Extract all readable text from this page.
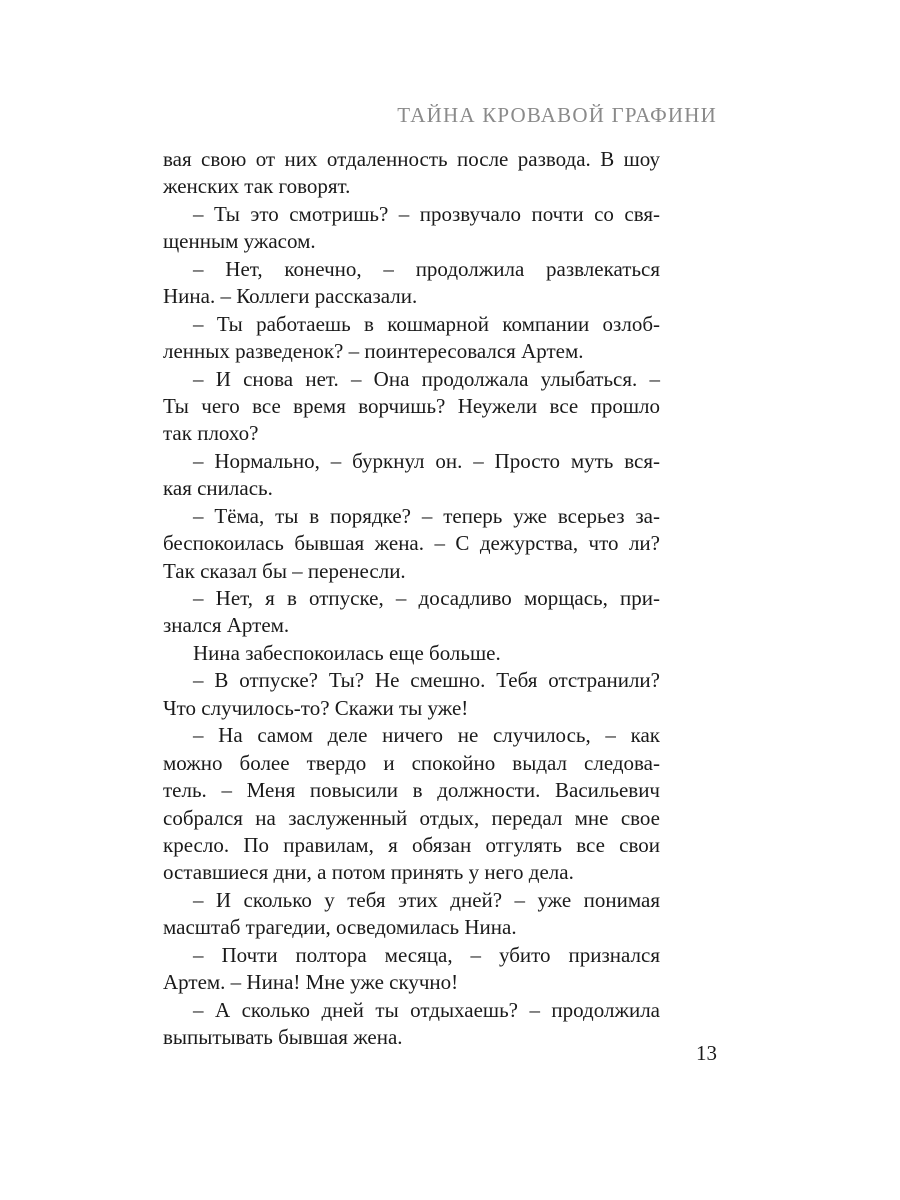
ТАЙНА КРОВАВОЙ ГРАФИНИ
вая свою от них отдаленность после развода. В шоу
женских так говорят.
– Ты это смотришь? – прозвучало почти со свя-
щенным ужасом.
– Нет, конечно, – продолжила развлекаться
Нина. – Коллеги рассказали.
– Ты работаешь в кошмарной компании озлоб-
ленных разведенок? – поинтересовался Артем.
– И снова нет. – Она продолжала улыбаться. –
Ты чего все время ворчишь? Неужели все прошло
так плохо?
– Нормально, – буркнул он. – Просто муть вся-
кая снилась.
– Тёма, ты в порядке? – теперь уже всерьез за-
беспокоилась бывшая жена. – С дежурства, что ли?
Так сказал бы – перенесли.
– Нет, я в отпуске, – досадливо морщась, при-
знался Артем.
Нина забеспокоилась еще больше.
– В отпуске? Ты? Не смешно. Тебя отстранили?
Что случилось-то? Скажи ты уже!
– На самом деле ничего не случилось, – как
можно более твердо и спокойно выдал следова-
тель. – Меня повысили в должности. Васильевич
собрался на заслуженный отдых, передал мне свое
кресло. По правилам, я обязан отгулять все свои
оставшиеся дни, а потом принять у него дела.
– И сколько у тебя этих дней? – уже понимая
масштаб трагедии, осведомилась Нина.
– Почти полтора месяца, – убито признался
Артем. – Нина! Мне уже скучно!
– А сколько дней ты отдыхаешь? – продолжила
выпытывать бывшая жена.
13
